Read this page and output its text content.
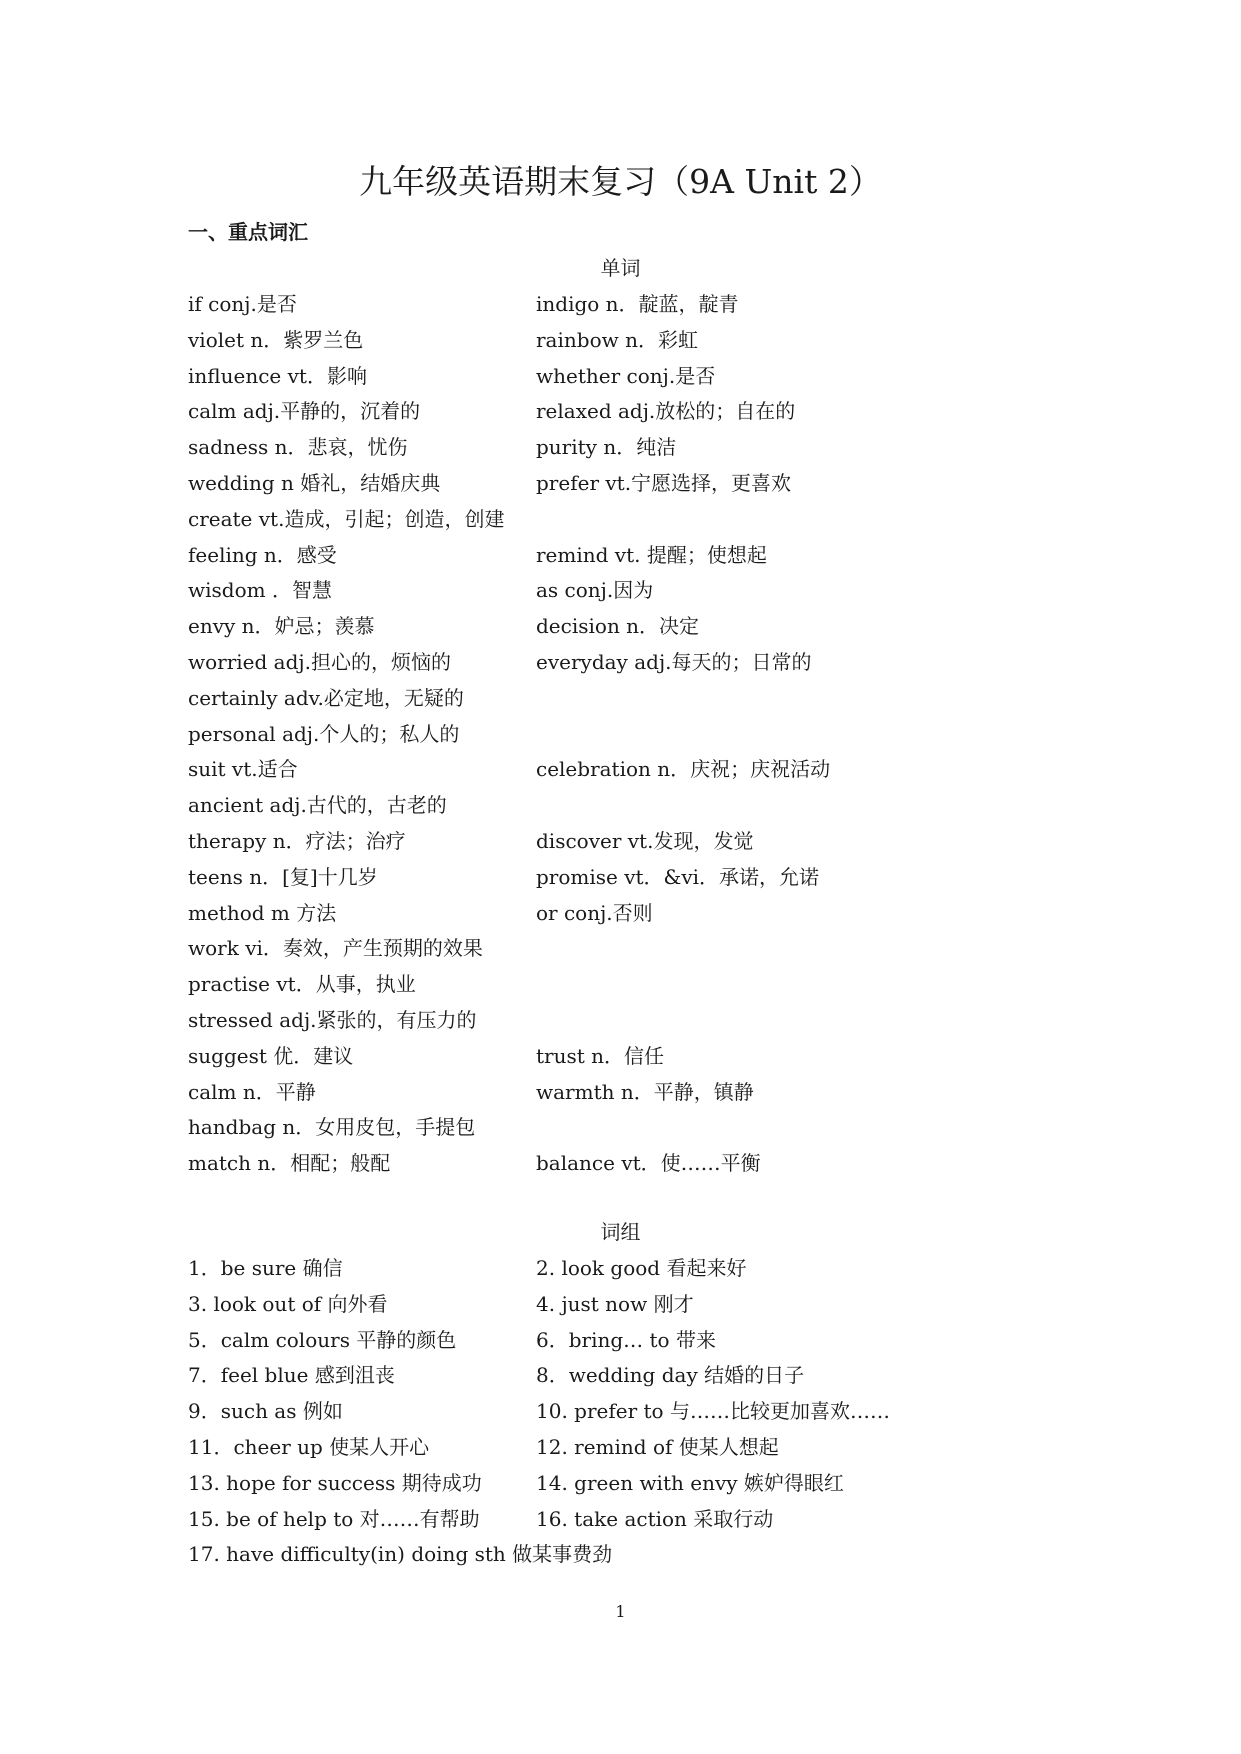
九年级英语期末复习（9A Unit 2）
一、重点词汇
单词
if conj.是否	indigo n．靛蓝，靛青
violet n．紫罗兰色	rainbow n．彩虹
influence vt．影响	whether conj.是否
calm adj.平静的，沉着的	relaxed adj.放松的；自在的
sadness n．悲哀，忧伤	purity n．纯洁
wedding n 婚礼，结婚庆典	prefer vt.宁愿选择，更喜欢
create vt.造成，引起；创造，创建
feeling n．感受	remind vt. 提醒；使想起
wisdom ．智慧	as conj.因为
envy n．妒忌；羡慕	decision n．决定
worried adj.担心的，烦恼的	everyday adj.每天的；日常的
certainly adv.必定地，无疑的
personal adj.个人的；私人的
suit vt.适合	celebration n．庆祝；庆祝活动
ancient adj.古代的，古老的
therapy n．疗法；治疗	discover vt.发现，发觉
teens n．[复]十几岁	promise vt．&vi．承诺，允诺
method m 方法	or conj.否则
work vi．奏效，产生预期的效果
practise vt．从事，执业
stressed adj.紧张的，有压力的
suggest 优．建议	trust n．信任
calm n．平静	warmth n．平静，镇静
handbag n．女用皮包，手提包
match n．相配；般配	balance vt．使……平衡
词组
1．be sure 确信	2. look good 看起来好
3. look out of 向外看	4. just now 刚才
5．calm colours 平静的颜色	6．bring… to 带来
7．feel blue 感到沮丧	8．wedding day 结婚的日子
9．such as 例如	10. prefer to 与……比较更加喜欢……
11．cheer up 使某人开心	12. remind of 使某人想起
13. hope for success 期待成功	14. green with envy 嫉妒得眼红
15. be of help to 对……有帮助	16. take action 采取行动
17. have difficulty(in) doing sth 做某事费劲
1
